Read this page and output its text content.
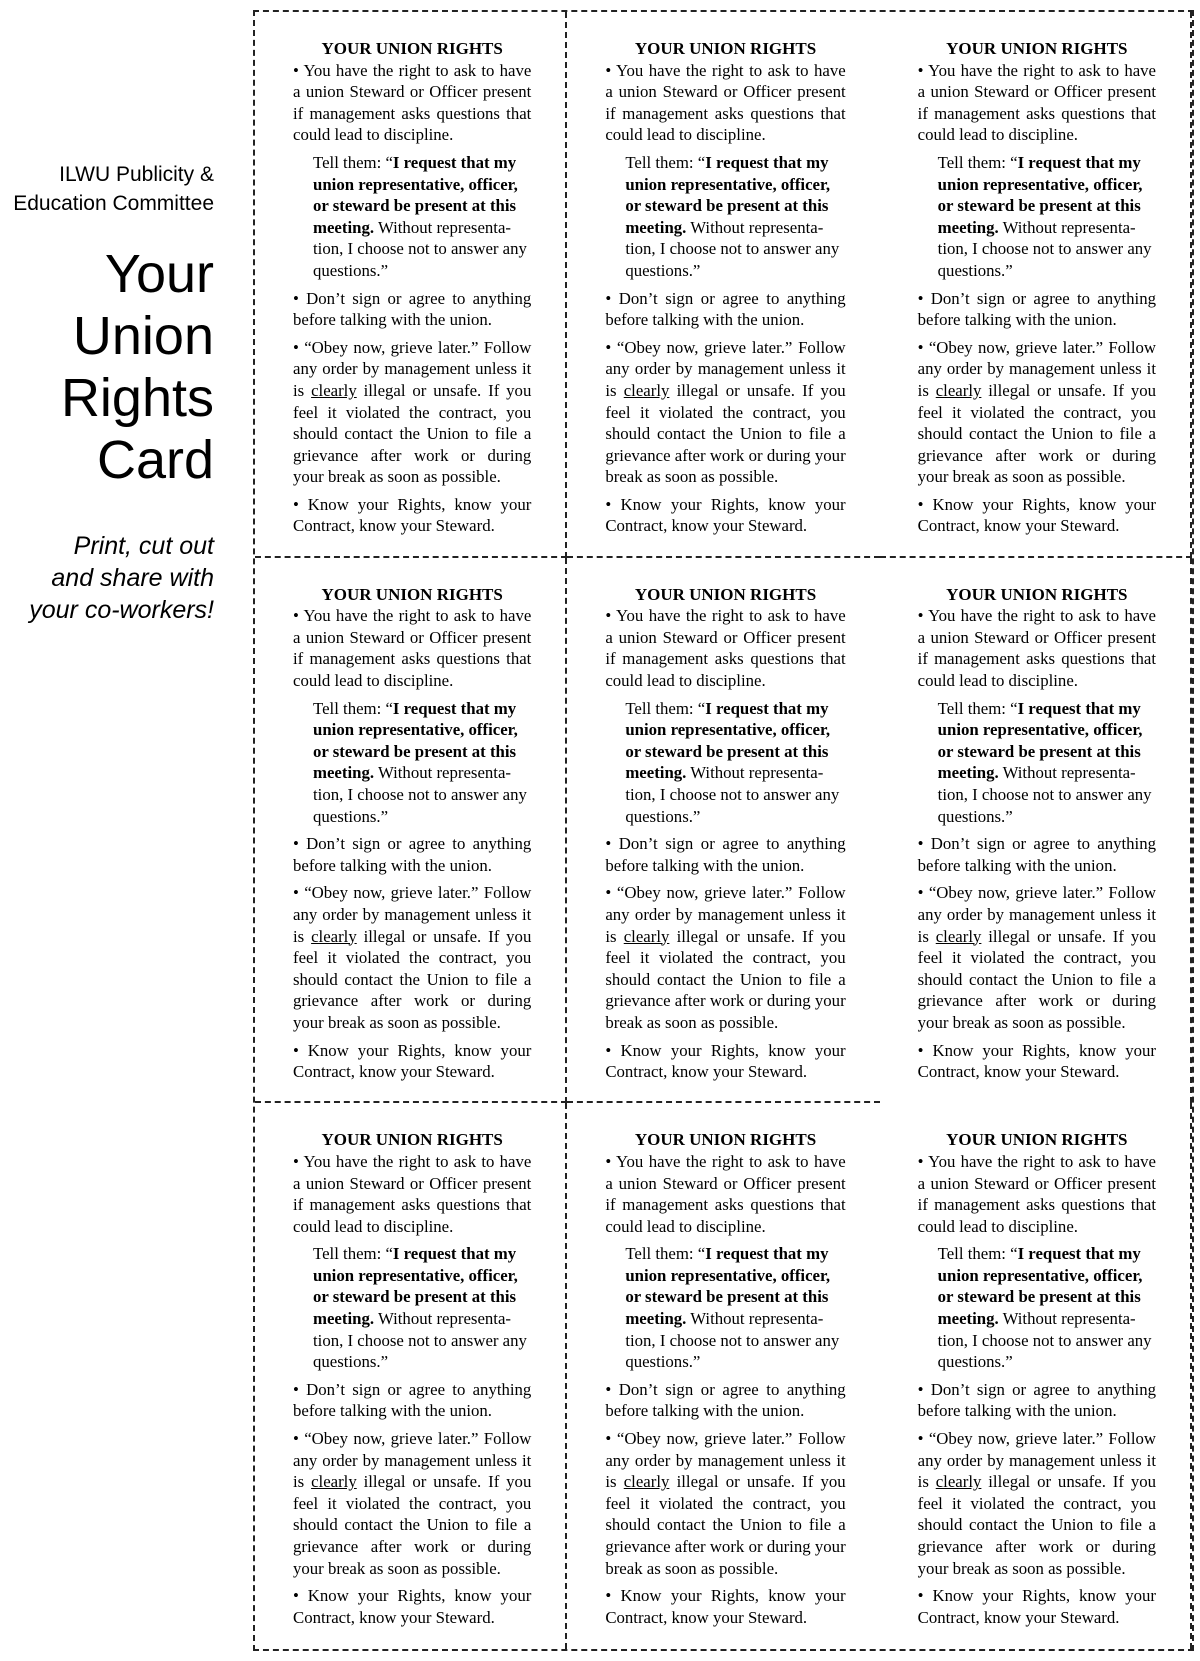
ILWU Publicity &
Education Committee
Your
Union
Rights
Card
Print, cut out
and share with
your co-workers!
YOUR UNION RIGHTS

• You have the right to ask to have a union Steward or Officer present if management asks questions that could lead to discipline.

Tell them: “I request that my union representative, officer, or steward be present at this meeting. Without representa-tion, I choose not to answer any questions.”

• Don’t sign or agree to anything before talking with the union.

• “Obey now, grieve later.” Follow any order by management unless it is clearly illegal or unsafe. If you feel it violated the contract, you should contact the Union to file a grievance after work or during your break as soon as possible.

• Know your Rights, know your Contract, know your Steward.

YOUR UNION RIGHTS

• You have the right to ask to have a union Steward or Officer present if management asks questions that could lead to discipline.

Tell them: “I request that my union representative, officer, or steward be present at this meeting. Without representa-tion, I choose not to answer any questions.”

• Don’t sign or agree to anything before talking with the union.

• “Obey now, grieve later.” Follow any order by management unless it is clearly illegal or unsafe. If you feel it violated the contract, you should contact the Union to file a grievance after work or during your break as soon as possible.

• Know your Rights, know your Contract, know your Steward.

YOUR UNION RIGHTS

• You have the right to ask to have a union Steward or Officer present if management asks questions that could lead to discipline.

Tell them: “I request that my union representative, officer, or steward be present at this meeting. Without representa-tion, I choose not to answer any questions.”

• Don’t sign or agree to anything before talking with the union.

• “Obey now, grieve later.” Follow any order by management unless it is clearly illegal or unsafe. If you feel it violated the contract, you should contact the Union to file a grievance after work or during your break as soon as possible.

• Know your Rights, know your Contract, know your Steward.

YOUR UNION RIGHTS

• You have the right to ask to have a union Steward or Officer present if management asks questions that could lead to discipline.

Tell them: “I request that my union representative, officer, or steward be present at this meeting. Without representa-tion, I choose not to answer any questions.”

• Don’t sign or agree to anything before talking with the union.

• “Obey now, grieve later.” Follow any order by management unless it is clearly illegal or unsafe. If you feel it violated the contract, you should contact the Union to file a grievance after work or during your break as soon as possible.

• Know your Rights, know your Contract, know your Steward.

YOUR UNION RIGHTS

• You have the right to ask to have a union Steward or Officer present if management asks questions that could lead to discipline.

Tell them: “I request that my union representative, officer, or steward be present at this meeting. Without representa-tion, I choose not to answer any questions.”

• Don’t sign or agree to anything before talking with the union.

• “Obey now, grieve later.” Follow any order by management unless it is clearly illegal or unsafe. If you feel it violated the contract, you should contact the Union to file a grievance after work or during your break as soon as possible.

• Know your Rights, know your Contract, know your Steward.

YOUR UNION RIGHTS

• You have the right to ask to have a union Steward or Officer present if management asks questions that could lead to discipline.

Tell them: “I request that my union representative, officer, or steward be present at this meeting. Without representa-tion, I choose not to answer any questions.”

• Don’t sign or agree to anything before talking with the union.

• “Obey now, grieve later.” Follow any order by management unless it is clearly illegal or unsafe. If you feel it violated the contract, you should contact the Union to file a grievance after work or during your break as soon as possible.

• Know your Rights, know your Contract, know your Steward.

YOUR UNION RIGHTS

• You have the right to ask to have a union Steward or Officer present if management asks questions that could lead to discipline.

Tell them: “I request that my union representative, officer, or steward be present at this meeting. Without representa-tion, I choose not to answer any questions.”

• Don’t sign or agree to anything before talking with the union.

• “Obey now, grieve later.” Follow any order by management unless it is clearly illegal or unsafe. If you feel it violated the contract, you should contact the Union to file a grievance after work or during your break as soon as possible.

• Know your Rights, know your Contract, know your Steward.

YOUR UNION RIGHTS

• You have the right to ask to have a union Steward or Officer present if management asks questions that could lead to discipline.

Tell them: “I request that my union representative, officer, or steward be present at this meeting. Without representa-tion, I choose not to answer any questions.”

• Don’t sign or agree to anything before talking with the union.

• “Obey now, grieve later.” Follow any order by management unless it is clearly illegal or unsafe. If you feel it violated the contract, you should contact the Union to file a grievance after work or during your break as soon as possible.

• Know your Rights, know your Contract, know your Steward.

YOUR UNION RIGHTS

• You have the right to ask to have a union Steward or Officer present if management asks questions that could lead to discipline.

Tell them: “I request that my union representative, officer, or steward be present at this meeting. Without representa-tion, I choose not to answer any questions.”

• Don’t sign or agree to anything before talking with the union.

• “Obey now, grieve later.” Follow any order by management unless it is clearly illegal or unsafe. If you feel it violated the contract, you should contact the Union to file a grievance after work or during your break as soon as possible.

• Know your Rights, know your Contract, know your Steward.
